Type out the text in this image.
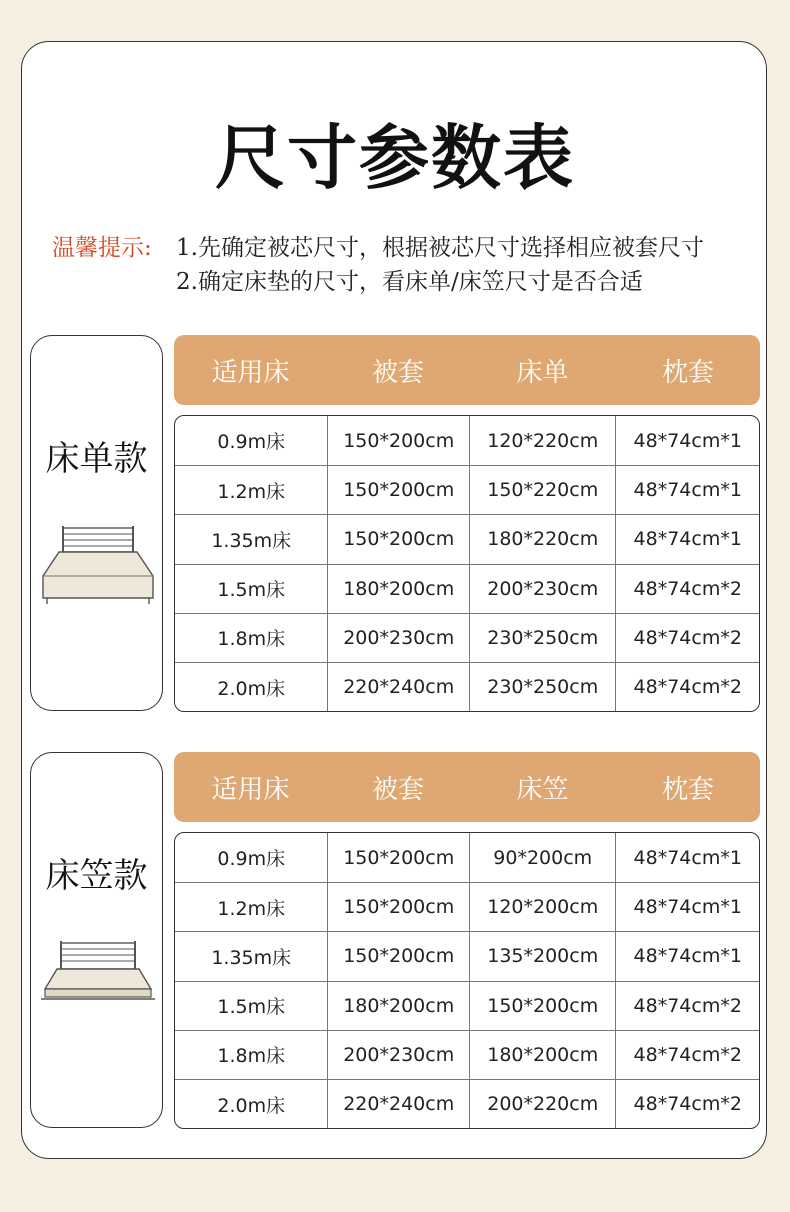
尺寸参数表
温馨提示: 1.先确定被芯尺寸，根据被芯尺寸选择相应被套尺寸
2.确定床垫的尺寸，看床单/床笠尺寸是否合适
床单款
适用床	被套	床单	枕套
0.9m床	150*200cm	120*220cm	48*74cm*1
1.2m床	150*200cm	150*220cm	48*74cm*1
1.35m床	150*200cm	180*220cm	48*74cm*1
1.5m床	180*200cm	200*230cm	48*74cm*2
1.8m床	200*230cm	230*250cm	48*74cm*2
2.0m床	220*240cm	230*250cm	48*74cm*2
床笠款
适用床	被套	床笠	枕套
0.9m床	150*200cm	90*200cm	48*74cm*1
1.2m床	150*200cm	120*200cm	48*74cm*1
1.35m床	150*200cm	135*200cm	48*74cm*1
1.5m床	180*200cm	150*200cm	48*74cm*2
1.8m床	200*230cm	180*200cm	48*74cm*2
2.0m床	220*240cm	200*220cm	48*74cm*2
